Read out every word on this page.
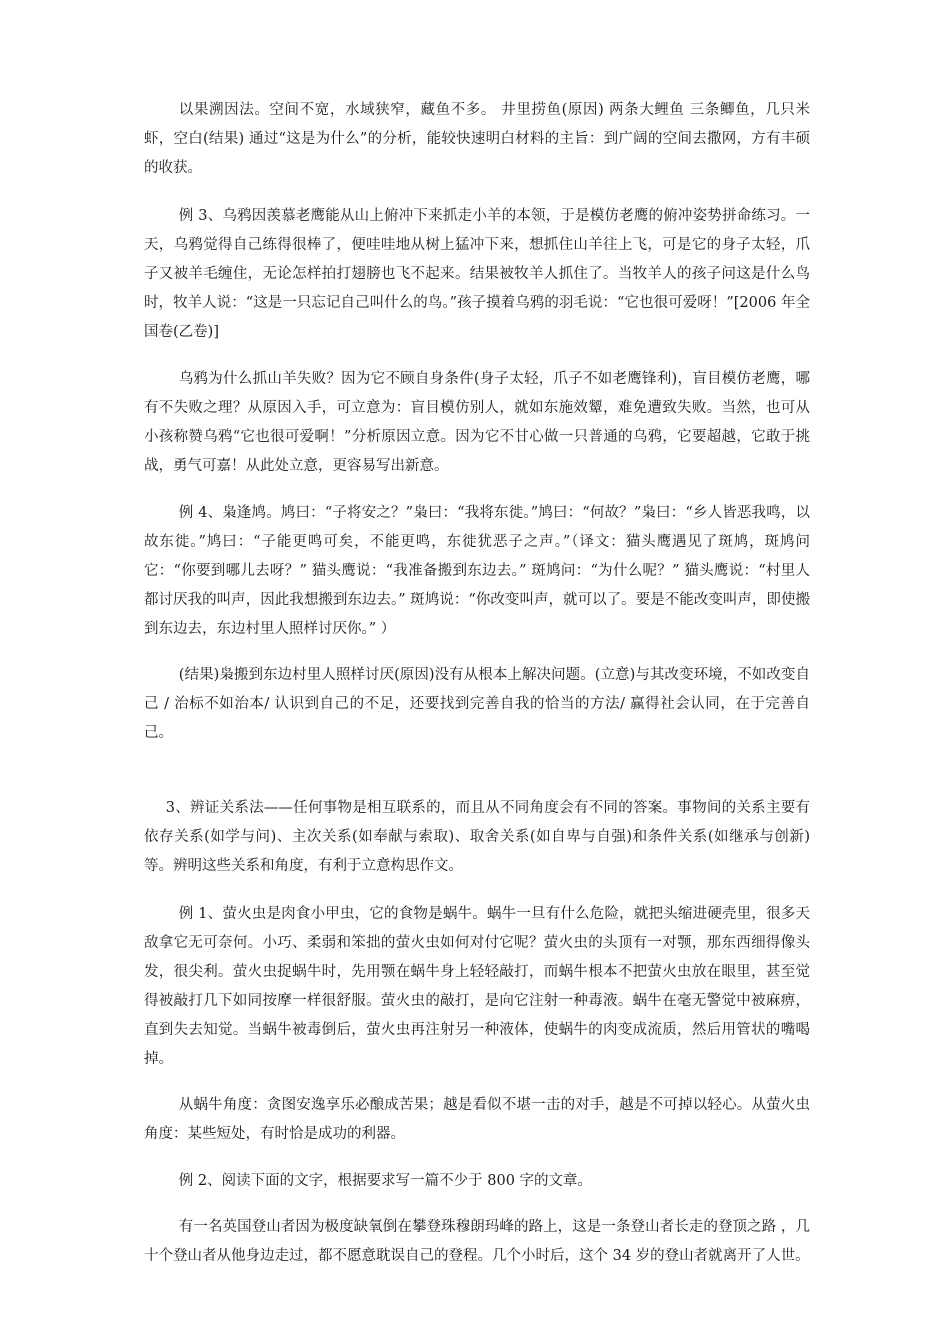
以果溯因法。空间不宽，水域狭窄，藏鱼不多。 井里捞鱼(原因) 两条大鲤鱼 三条鲫鱼，几只米虾，空白(结果) 通过“这是为什么”的分析，能较快速明白材料的主旨：到广阔的空间去撒网，方有丰硕的收获。

例 3、乌鸦因羡慕老鹰能从山上俯冲下来抓走小羊的本领，于是模仿老鹰的俯冲姿势拼命练习。一天，乌鸦觉得自己练得很棒了，便哇哇地从树上猛冲下来，想抓住山羊往上飞，可是它的身子太轻，爪子又被羊毛缠住，无论怎样拍打翅膀也飞不起来。结果被牧羊人抓住了。当牧羊人的孩子问这是什么鸟时，牧羊人说：“这是一只忘记自己叫什么的鸟。”孩子摸着乌鸦的羽毛说：“它也很可爱呀！”[2006 年全国卷(乙卷)]

乌鸦为什么抓山羊失败？因为它不顾自身条件(身子太轻，爪子不如老鹰锋利)，盲目模仿老鹰，哪有不失败之理？从原因入手，可立意为：盲目模仿别人，就如东施效颦，难免遭致失败。当然，也可从小孩称赞乌鸦“它也很可爱啊！”分析原因立意。因为它不甘心做一只普通的乌鸦，它要超越，它敢于挑战，勇气可嘉！从此处立意，更容易写出新意。

例 4、枭逢鸠。鸠曰：“子将安之？”枭曰：“我将东徙。”鸠曰：“何故？”枭曰：“乡人皆恶我鸣，以故东徙。”鸠曰：“子能更鸣可矣，不能更鸣，东徙犹恶子之声。”（译文：猫头鹰遇见了斑鸠，斑鸠问它：“你要到哪儿去呀？” 猫头鹰说：“我准备搬到东边去。” 斑鸠问：“为什么呢？” 猫头鹰说：“村里人都讨厌我的叫声，因此我想搬到东边去。” 斑鸠说：“你改变叫声，就可以了。要是不能改变叫声，即使搬到东边去，东边村里人照样讨厌你。” ）

(结果)枭搬到东边村里人照样讨厌(原因)没有从根本上解决问题。(立意)与其改变环境，不如改变自己 / 治标不如治本/ 认识到自己的不足，还要找到完善自我的恰当的方法/ 赢得社会认同，在于完善自己。

3、辨证关系法——任何事物是相互联系的，而且从不同角度会有不同的答案。事物间的关系主要有依存关系(如学与问)、主次关系(如奉献与索取)、取舍关系(如自卑与自强)和条件关系(如继承与创新)等。辨明这些关系和角度，有利于立意构思作文。

例 1、萤火虫是肉食小甲虫，它的食物是蜗牛。蜗牛一旦有什么危险，就把头缩进硬壳里，很多天敌拿它无可奈何。小巧、柔弱和笨拙的萤火虫如何对付它呢？萤火虫的头顶有一对颚，那东西细得像头发，很尖利。萤火虫捉蜗牛时，先用颚在蜗牛身上轻轻敲打，而蜗牛根本不把萤火虫放在眼里，甚至觉得被敲打几下如同按摩一样很舒服。萤火虫的敲打，是向它注射一种毒液。蜗牛在毫无警觉中被麻痹，直到失去知觉。当蜗牛被毒倒后，萤火虫再注射另一种液体，使蜗牛的肉变成流质，然后用管状的嘴喝掉。

从蜗牛角度：贪图安逸享乐必酿成苦果；越是看似不堪一击的对手，越是不可掉以轻心。从萤火虫角度：某些短处，有时恰是成功的利器。

例 2、阅读下面的文字，根据要求写一篇不少于 800 字的文章。

有一名英国登山者因为极度缺氧倒在攀登珠穆朗玛峰的路上，这是一条登山者长走的登顶之路 ，几十个登山者从他身边走过，都不愿意耽误自己的登程。几个小时后，这个 34 岁的登山者就离开了人世。
